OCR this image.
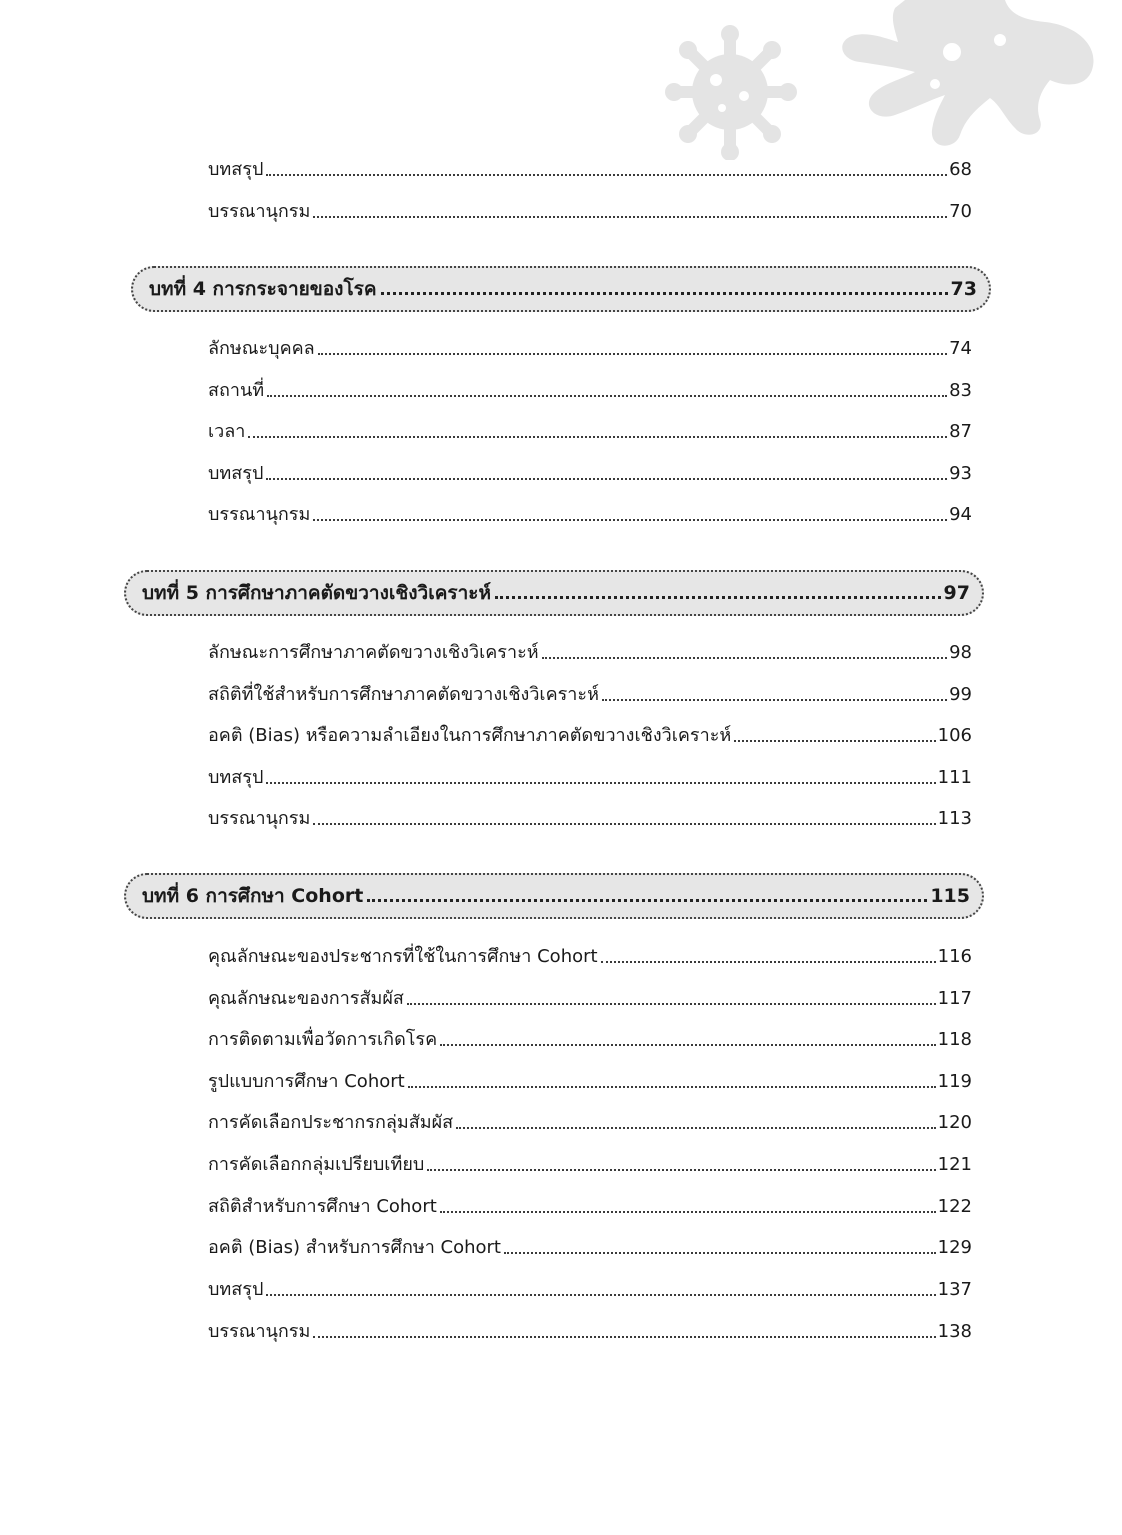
บทสรุป	68
บรรณานุกรม	70
บทที่ 4 การกระจายของโรค	73
ลักษณะบุคคล	74
สถานที่	83
เวลา	87
บทสรุป	93
บรรณานุกรม	94
บทที่ 5 การศึกษาภาคตัดขวางเชิงวิเคราะห์	97
ลักษณะการศึกษาภาคตัดขวางเชิงวิเคราะห์	98
สถิติที่ใช้สำหรับการศึกษาภาคตัดขวางเชิงวิเคราะห์	99
อคติ (Bias) หรือความลำเอียงในการศึกษาภาคตัดขวางเชิงวิเคราะห์	106
บทสรุป	111
บรรณานุกรม	113
บทที่ 6 การศึกษา Cohort	115
คุณลักษณะของประชากรที่ใช้ในการศึกษา Cohort	116
คุณลักษณะของการสัมผัส	117
การติดตามเพื่อวัดการเกิดโรค	118
รูปแบบการศึกษา Cohort	119
การคัดเลือกประชากรกลุ่มสัมผัส	120
การคัดเลือกกลุ่มเปรียบเทียบ	121
สถิติสำหรับการศึกษา Cohort	122
อคติ (Bias) สำหรับการศึกษา Cohort	129
บทสรุป	137
บรรณานุกรม	138
